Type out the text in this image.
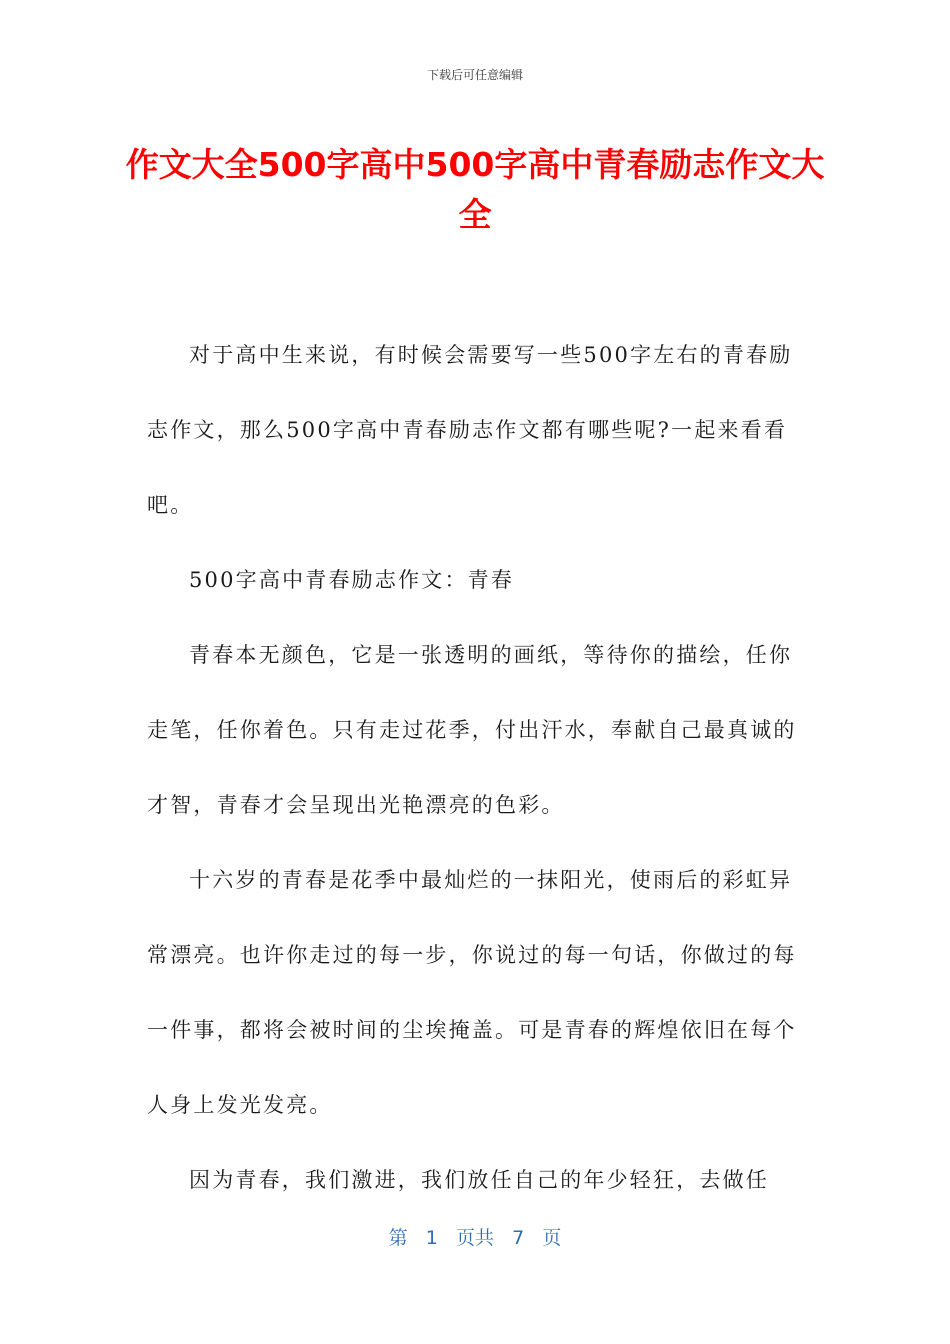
下载后可任意编辑
作文大全500字高中500字高中青春励志作文大全

对于高中生来说，有时候会需要写一些500字左右的青春励志作文，那么500字高中青春励志作文都有哪些呢?一起来看看吧。

500字高中青春励志作文：青春

青春本无颜色，它是一张透明的画纸，等待你的描绘，任你走笔，任你着色。只有走过花季，付出汗水，奉献自己最真诚的才智，青春才会呈现出光艳漂亮的色彩。

十六岁的青春是花季中最灿烂的一抹阳光，使雨后的彩虹异常漂亮。也许你走过的每一步，你说过的每一句话，你做过的每一件事，都将会被时间的尘埃掩盖。可是青春的辉煌依旧在每个人身上发光发亮。

因为青春，我们激进，我们放任自己的年少轻狂，去做任

第 1 页共 7 页
